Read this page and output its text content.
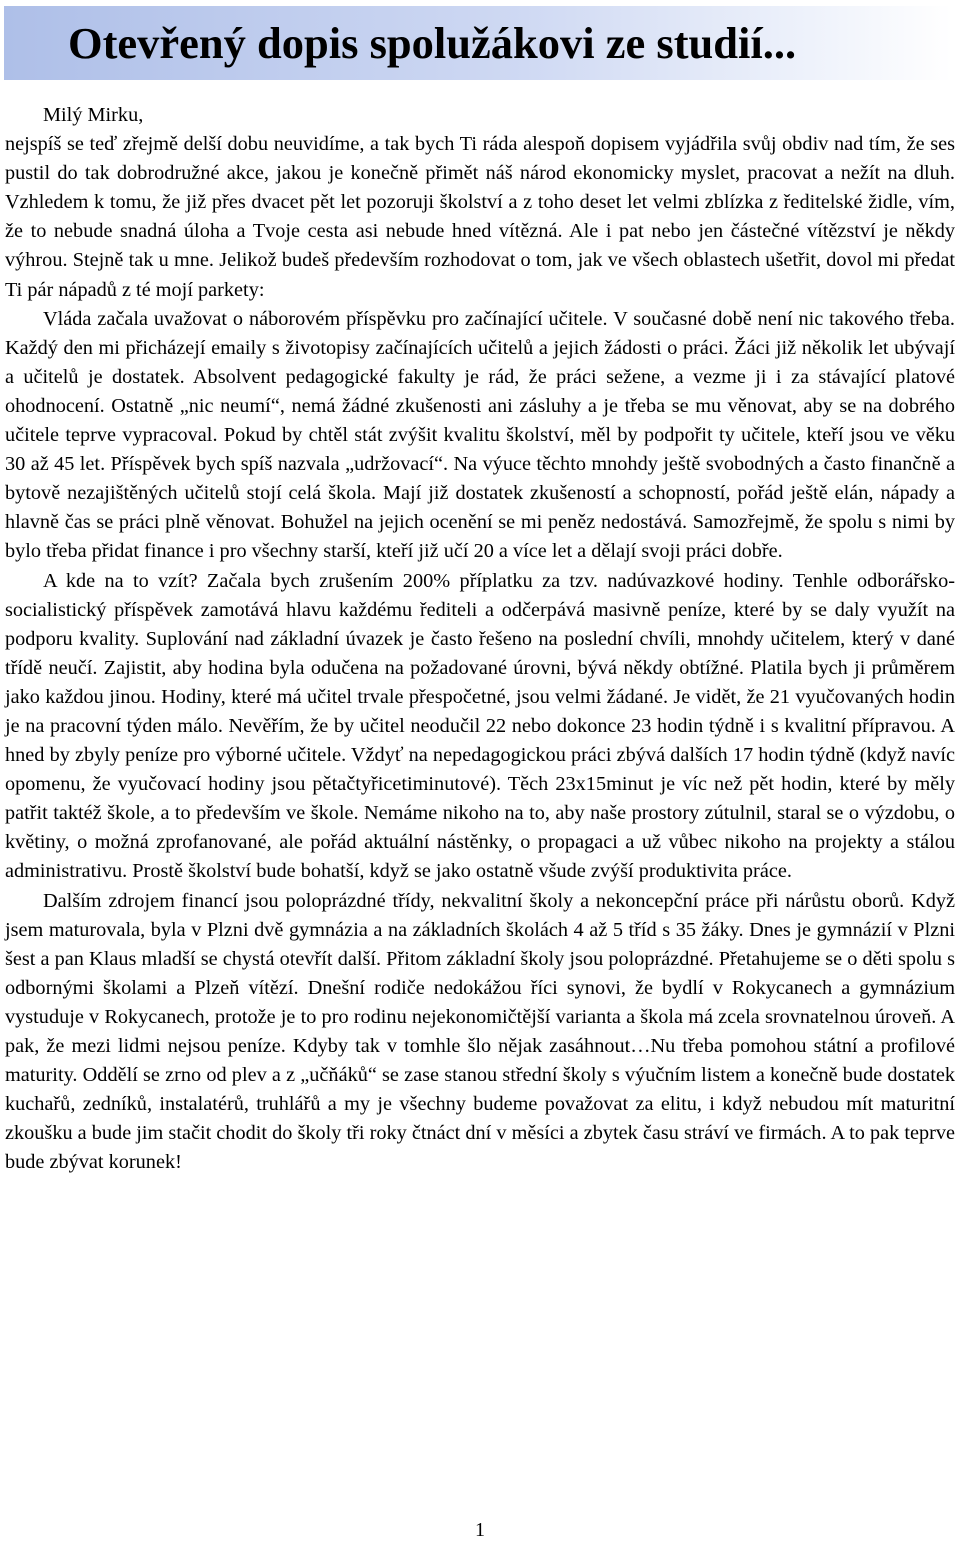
Otevřený dopis spolužákovi ze studií...

Milý Mirku,

nejspíš se teď zřejmě delší dobu neuvidíme, a tak bych Ti ráda alespoň dopisem vyjádřila svůj obdiv nad tím, že ses pustil do tak dobrodružné akce, jakou je konečně přimět náš národ ekonomicky myslet, pracovat a nežít na dluh. Vzhledem k tomu, že již přes dvacet pět let pozoruji školství a z toho deset let velmi zblízka z ředitelské židle, vím, že to nebude snadná úloha a Tvoje cesta asi nebude hned vítězná. Ale i pat nebo jen částečné vítězství je někdy výhrou. Stejně tak u mne. Jelikož budeš především rozhodovat o tom, jak ve všech oblastech ušetřit, dovol mi předat Ti pár nápadů z té mojí parkety:

Vláda začala uvažovat o náborovém příspěvku pro začínající učitele. V současné době není nic takového třeba. Každý den mi přicházejí emaily s životopisy začínajících učitelů a jejich žádosti o práci. Žáci již několik let ubývají a učitelů je dostatek. Absolvent pedagogické fakulty je rád, že práci sežene, a vezme ji i za stávající platové ohodnocení. Ostatně „nic neumí“, nemá žádné zkušenosti ani zásluhy a je třeba se mu věnovat, aby se na dobrého učitele teprve vypracoval. Pokud by chtěl stát zvýšit kvalitu školství, měl by podpořit ty učitele, kteří jsou ve věku 30 až 45 let. Příspěvek bych spíš nazvala „udržovací“. Na výuce těchto mnohdy ještě svobodných a často finančně a bytově nezajištěných učitelů stojí celá škola. Mají již dostatek zkušeností a schopností, pořád ještě elán, nápady a hlavně čas se práci plně věnovat. Bohužel na jejich ocenění se mi peněz nedostává. Samozřejmě, že spolu s nimi by bylo třeba přidat finance i pro všechny starší, kteří již učí 20 a více let a dělají svoji práci dobře.

A kde na to vzít? Začala bych zrušením 200% příplatku za tzv. nadúvazkové hodiny. Tenhle odborářsko-socialistický příspěvek zamotává hlavu každému řediteli a odčerpává masivně peníze, které by se daly využít na podporu kvality. Suplování nad základní úvazek je často řešeno na poslední chvíli, mnohdy učitelem, který v dané třídě neučí. Zajistit, aby hodina byla odučena na požadované úrovni, bývá někdy obtížné. Platila bych ji průměrem jako každou jinou. Hodiny, které má učitel trvale přespočetné, jsou velmi žádané. Je vidět, že 21 vyučovaných hodin je na pracovní týden málo. Nevěřím, že by učitel neodučil 22 nebo dokonce 23 hodin týdně i s kvalitní přípravou. A hned by zbyly peníze pro výborné učitele. Vždyť na nepedagogickou práci zbývá dalších 17 hodin týdně (když navíc opomenu, že vyučovací hodiny jsou pětačtyřicetiminutové). Těch 23x15minut je víc než pět hodin, které by měly patřit taktéž škole, a to především ve škole. Nemáme nikoho na to, aby naše prostory zútulnil, staral se o výzdobu, o květiny, o možná zprofanované, ale pořád aktuální nástěnky, o propagaci a už vůbec nikoho na projekty a stálou administrativu. Prostě školství bude bohatší, když se jako ostatně všude zvýší produktivita práce.

Dalším zdrojem financí jsou poloprázdné třídy, nekvalitní školy a nekoncepční práce při nárůstu oborů. Když jsem maturovala, byla v Plzni dvě gymnázia a na základních školách 4 až 5 tříd s 35 žáky. Dnes je gymnázií v Plzni šest a pan Klaus mladší se chystá otevřít další. Přitom základní školy jsou poloprázdné. Přetahujeme se o děti spolu s odbornými školami a Plzeň vítězí. Dnešní rodiče nedokážou říci synovi, že bydlí v Rokycanech a gymnázium vystuduje v Rokycanech, protože je to pro rodinu nejekonomičtější varianta a škola má zcela srovnatelnou úroveň. A pak, že mezi lidmi nejsou peníze. Kdyby tak v tomhle šlo nějak zasáhnout…Nu třeba pomohou státní a profilové maturity. Oddělí se zrno od plev a z „učňáků“ se zase stanou střední školy s výučním listem a konečně bude dostatek kuchařů, zedníků, instalatérů, truhlářů a my je všechny budeme považovat za elitu, i když nebudou mít maturitní zkoušku a bude jim stačit chodit do školy tři roky čtnáct dní v měsíci a zbytek času stráví ve firmách. A to pak teprve bude zbývat korunek!

1
